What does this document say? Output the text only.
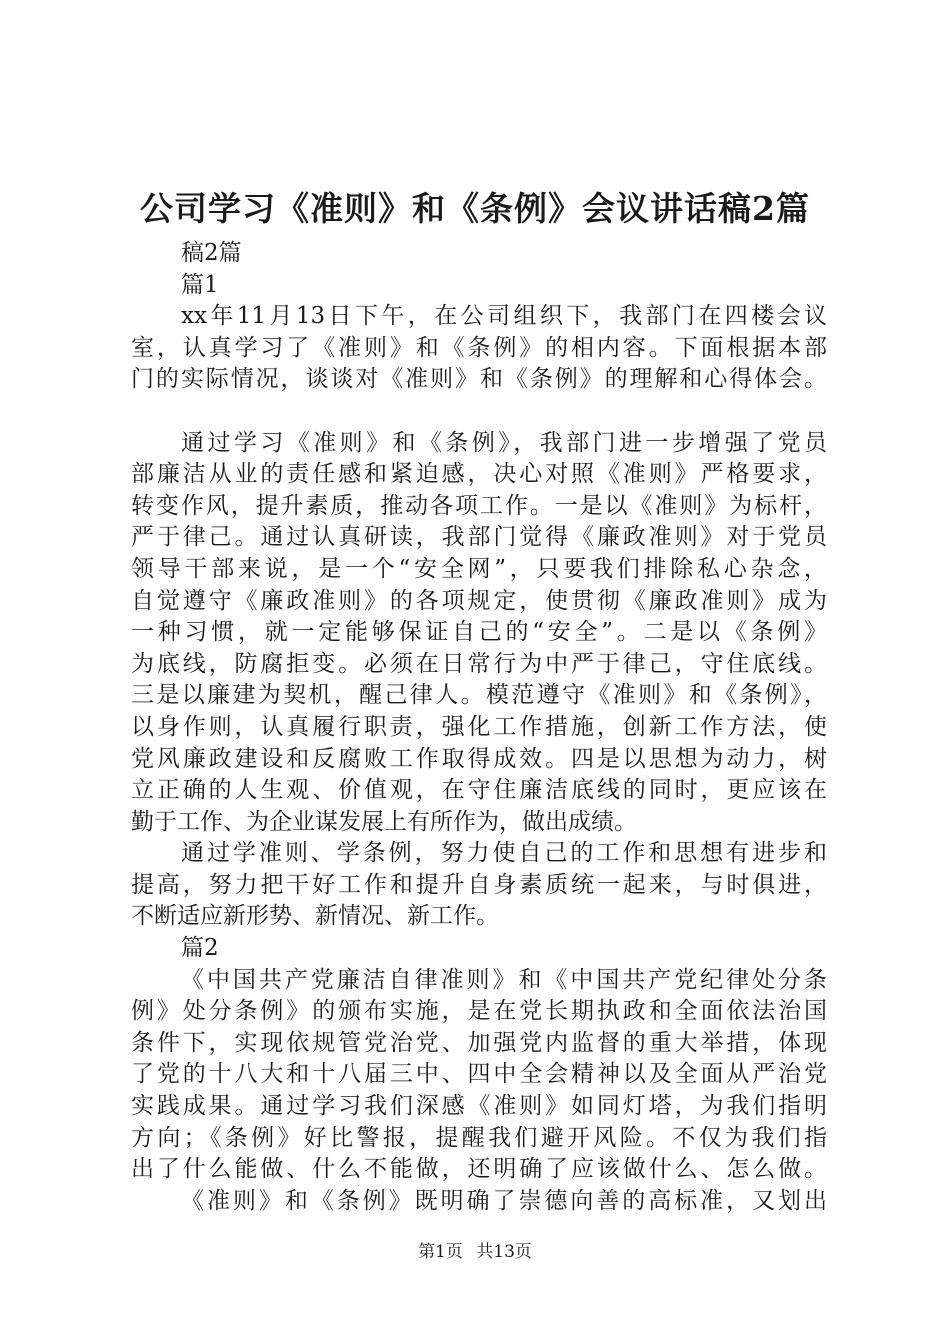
公司学习《准则》和《条例》会议讲话稿2篇
稿2篇
篇1
xx年11月13日下午，在公司组织下，我部门在四楼会议
室，认真学习了《准则》和《条例》的相内容。下面根据本部
门的实际情况，谈谈对《准则》和《条例》的理解和心得体会。
通过学习《准则》和《条例》，我部门进一步增强了党员
部廉洁从业的责任感和紧迫感，决心对照《准则》严格要求，
转变作风，提升素质，推动各项工作。一是以《准则》为标杆，
严于律己。通过认真研读，我部门觉得《廉政准则》对于党员
领导干部来说，是一个“安全网”，只要我们排除私心杂念，
自觉遵守《廉政准则》的各项规定，使贯彻《廉政准则》成为
一种习惯，就一定能够保证自己的“安全”。二是以《条例》
为底线，防腐拒变。必须在日常行为中严于律己，守住底线。
三是以廉建为契机，醒己律人。模范遵守《准则》和《条例》，
以身作则，认真履行职责，强化工作措施，创新工作方法，使
党风廉政建设和反腐败工作取得成效。四是以思想为动力，树
立正确的人生观、价值观，在守住廉洁底线的同时，更应该在
勤于工作、为企业谋发展上有所作为，做出成绩。
通过学准则、学条例，努力使自己的工作和思想有进步和
提高，努力把干好工作和提升自身素质统一起来，与时俱进，
不断适应新形势、新情况、新工作。
篇2
《中国共产党廉洁自律准则》和《中国共产党纪律处分条
例》处分条例》的颁布实施，是在党长期执政和全面依法治国
条件下，实现依规管党治党、加强党内监督的重大举措，体现
了党的十八大和十八届三中、四中全会精神以及全面从严治党
实践成果。通过学习我们深感《准则》如同灯塔，为我们指明
方向；《条例》好比警报，提醒我们避开风险。不仅为我们指
出了什么能做、什么不能做，还明确了应该做什么、怎么做。
《准则》和《条例》既明确了崇德向善的高标准，又划出
第1页 共13页
